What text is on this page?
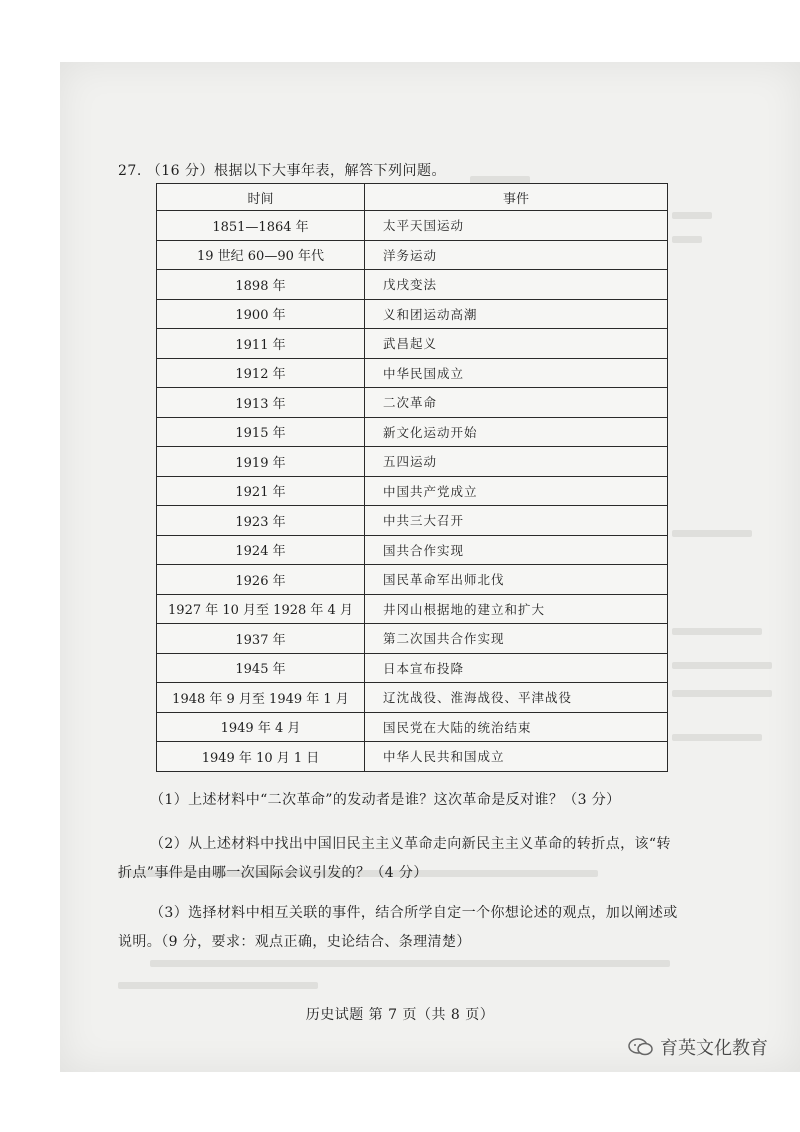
27. （16 分）根据以下大事年表，解答下列问题。
时间	事件
1851—1864 年	太平天国运动
19 世纪 60—90 年代	洋务运动
1898 年	戊戌变法
1900 年	义和团运动高潮
1911 年	武昌起义
1912 年	中华民国成立
1913 年	二次革命
1915 年	新文化运动开始
1919 年	五四运动
1921 年	中国共产党成立
1923 年	中共三大召开
1924 年	国共合作实现
1926 年	国民革命军出师北伐
1927 年 10 月至 1928 年 4 月	井冈山根据地的建立和扩大
1937 年	第二次国共合作实现
1945 年	日本宣布投降
1948 年 9 月至 1949 年 1 月	辽沈战役、淮海战役、平津战役
1949 年 4 月	国民党在大陆的统治结束
1949 年 10 月 1 日	中华人民共和国成立
（1）上述材料中“二次革命”的发动者是谁？这次革命是反对谁？（3 分）
（2）从上述材料中找出中国旧民主主义革命走向新民主主义革命的转折点，该“转
折点”事件是由哪一次国际会议引发的？（4 分）
（3）选择材料中相互关联的事件，结合所学自定一个你想论述的观点，加以阐述或
说明。（9 分，要求：观点正确，史论结合、条理清楚）
历史试题 第 7 页（共 8 页）
育英文化教育
